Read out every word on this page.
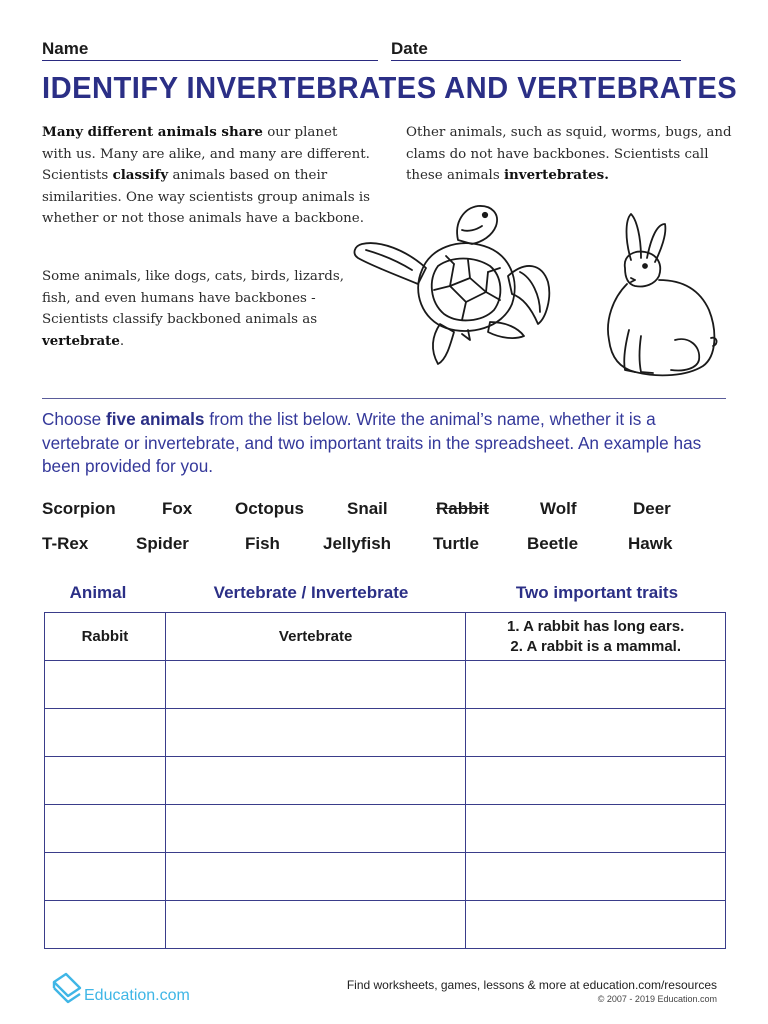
Name	Date
IDENTIFY INVERTEBRATES AND VERTEBRATES
Many different animals share our planet with us. Many are alike, and many are different. Scientists classify animals based on their similarities. One way scientists group animals is whether or not those animals have a backbone.
Some animals, like dogs, cats, birds, lizards, fish, and even humans have backbones - Scientists classify backboned animals as vertebrate.
Other animals, such as squid, worms, bugs, and clams do not have backbones. Scientists call these animals invertebrates.
Choose five animals from the list below. Write the animal’s name, whether it is a vertebrate or invertebrate, and two important traits in the spreadsheet. An example has been provided for you.
Scorpion	Fox	Octopus	Snail	Rabbit	Wolf	Deer
T-Rex	Spider	Fish	Jellyfish Turtle	Beetle	Hawk
Animal	Vertebrate / Invertebrate	Two important traits
Rabbit	Vertebrate	1. A rabbit has long ears.
2. A rabbit is a mammal.

Education.com
Find worksheets, games, lessons & more at education.com/resources
© 2007 - 2019 Education.com
